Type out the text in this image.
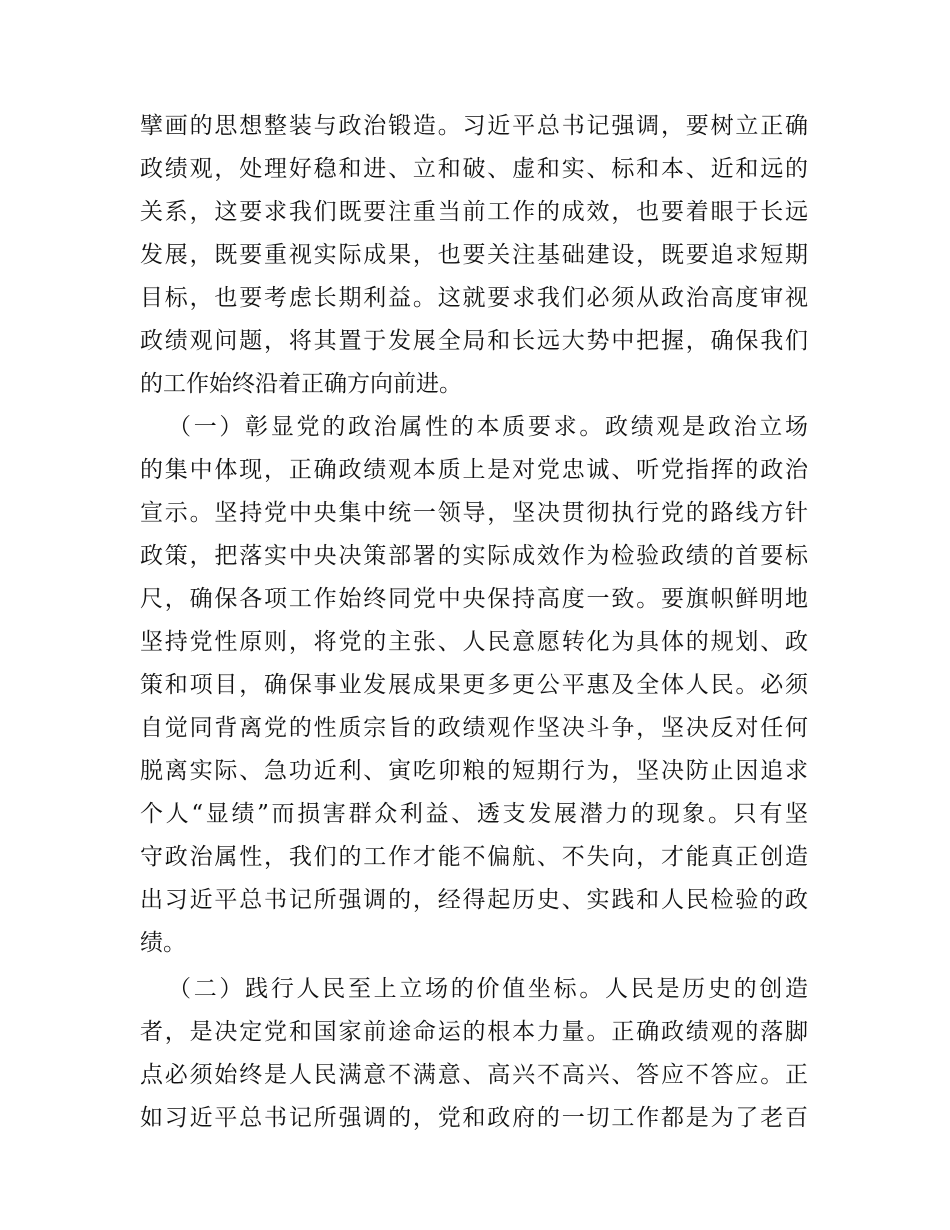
擘画的思想整装与政治锻造。习近平总书记强调，要树立正确
政绩观，处理好稳和进、立和破、虚和实、标和本、近和远的
关系，这要求我们既要注重当前工作的成效，也要着眼于长远
发展，既要重视实际成果，也要关注基础建设，既要追求短期
目标，也要考虑长期利益。这就要求我们必须从政治高度审视
政绩观问题，将其置于发展全局和长远大势中把握，确保我们
的工作始终沿着正确方向前进。
（一）彰显党的政治属性的本质要求。政绩观是政治立场
的集中体现，正确政绩观本质上是对党忠诚、听党指挥的政治
宣示。坚持党中央集中统一领导，坚决贯彻执行党的路线方针
政策，把落实中央决策部署的实际成效作为检验政绩的首要标
尺，确保各项工作始终同党中央保持高度一致。要旗帜鲜明地
坚持党性原则，将党的主张、人民意愿转化为具体的规划、政
策和项目，确保事业发展成果更多更公平惠及全体人民。必须
自觉同背离党的性质宗旨的政绩观作坚决斗争，坚决反对任何
脱离实际、急功近利、寅吃卯粮的短期行为，坚决防止因追求
个人“显绩”而损害群众利益、透支发展潜力的现象。只有坚
守政治属性，我们的工作才能不偏航、不失向，才能真正创造
出习近平总书记所强调的，经得起历史、实践和人民检验的政
绩。
（二）践行人民至上立场的价值坐标。人民是历史的创造
者，是决定党和国家前途命运的根本力量。正确政绩观的落脚
点必须始终是人民满意不满意、高兴不高兴、答应不答应。正
如习近平总书记所强调的，党和政府的一切工作都是为了老百
